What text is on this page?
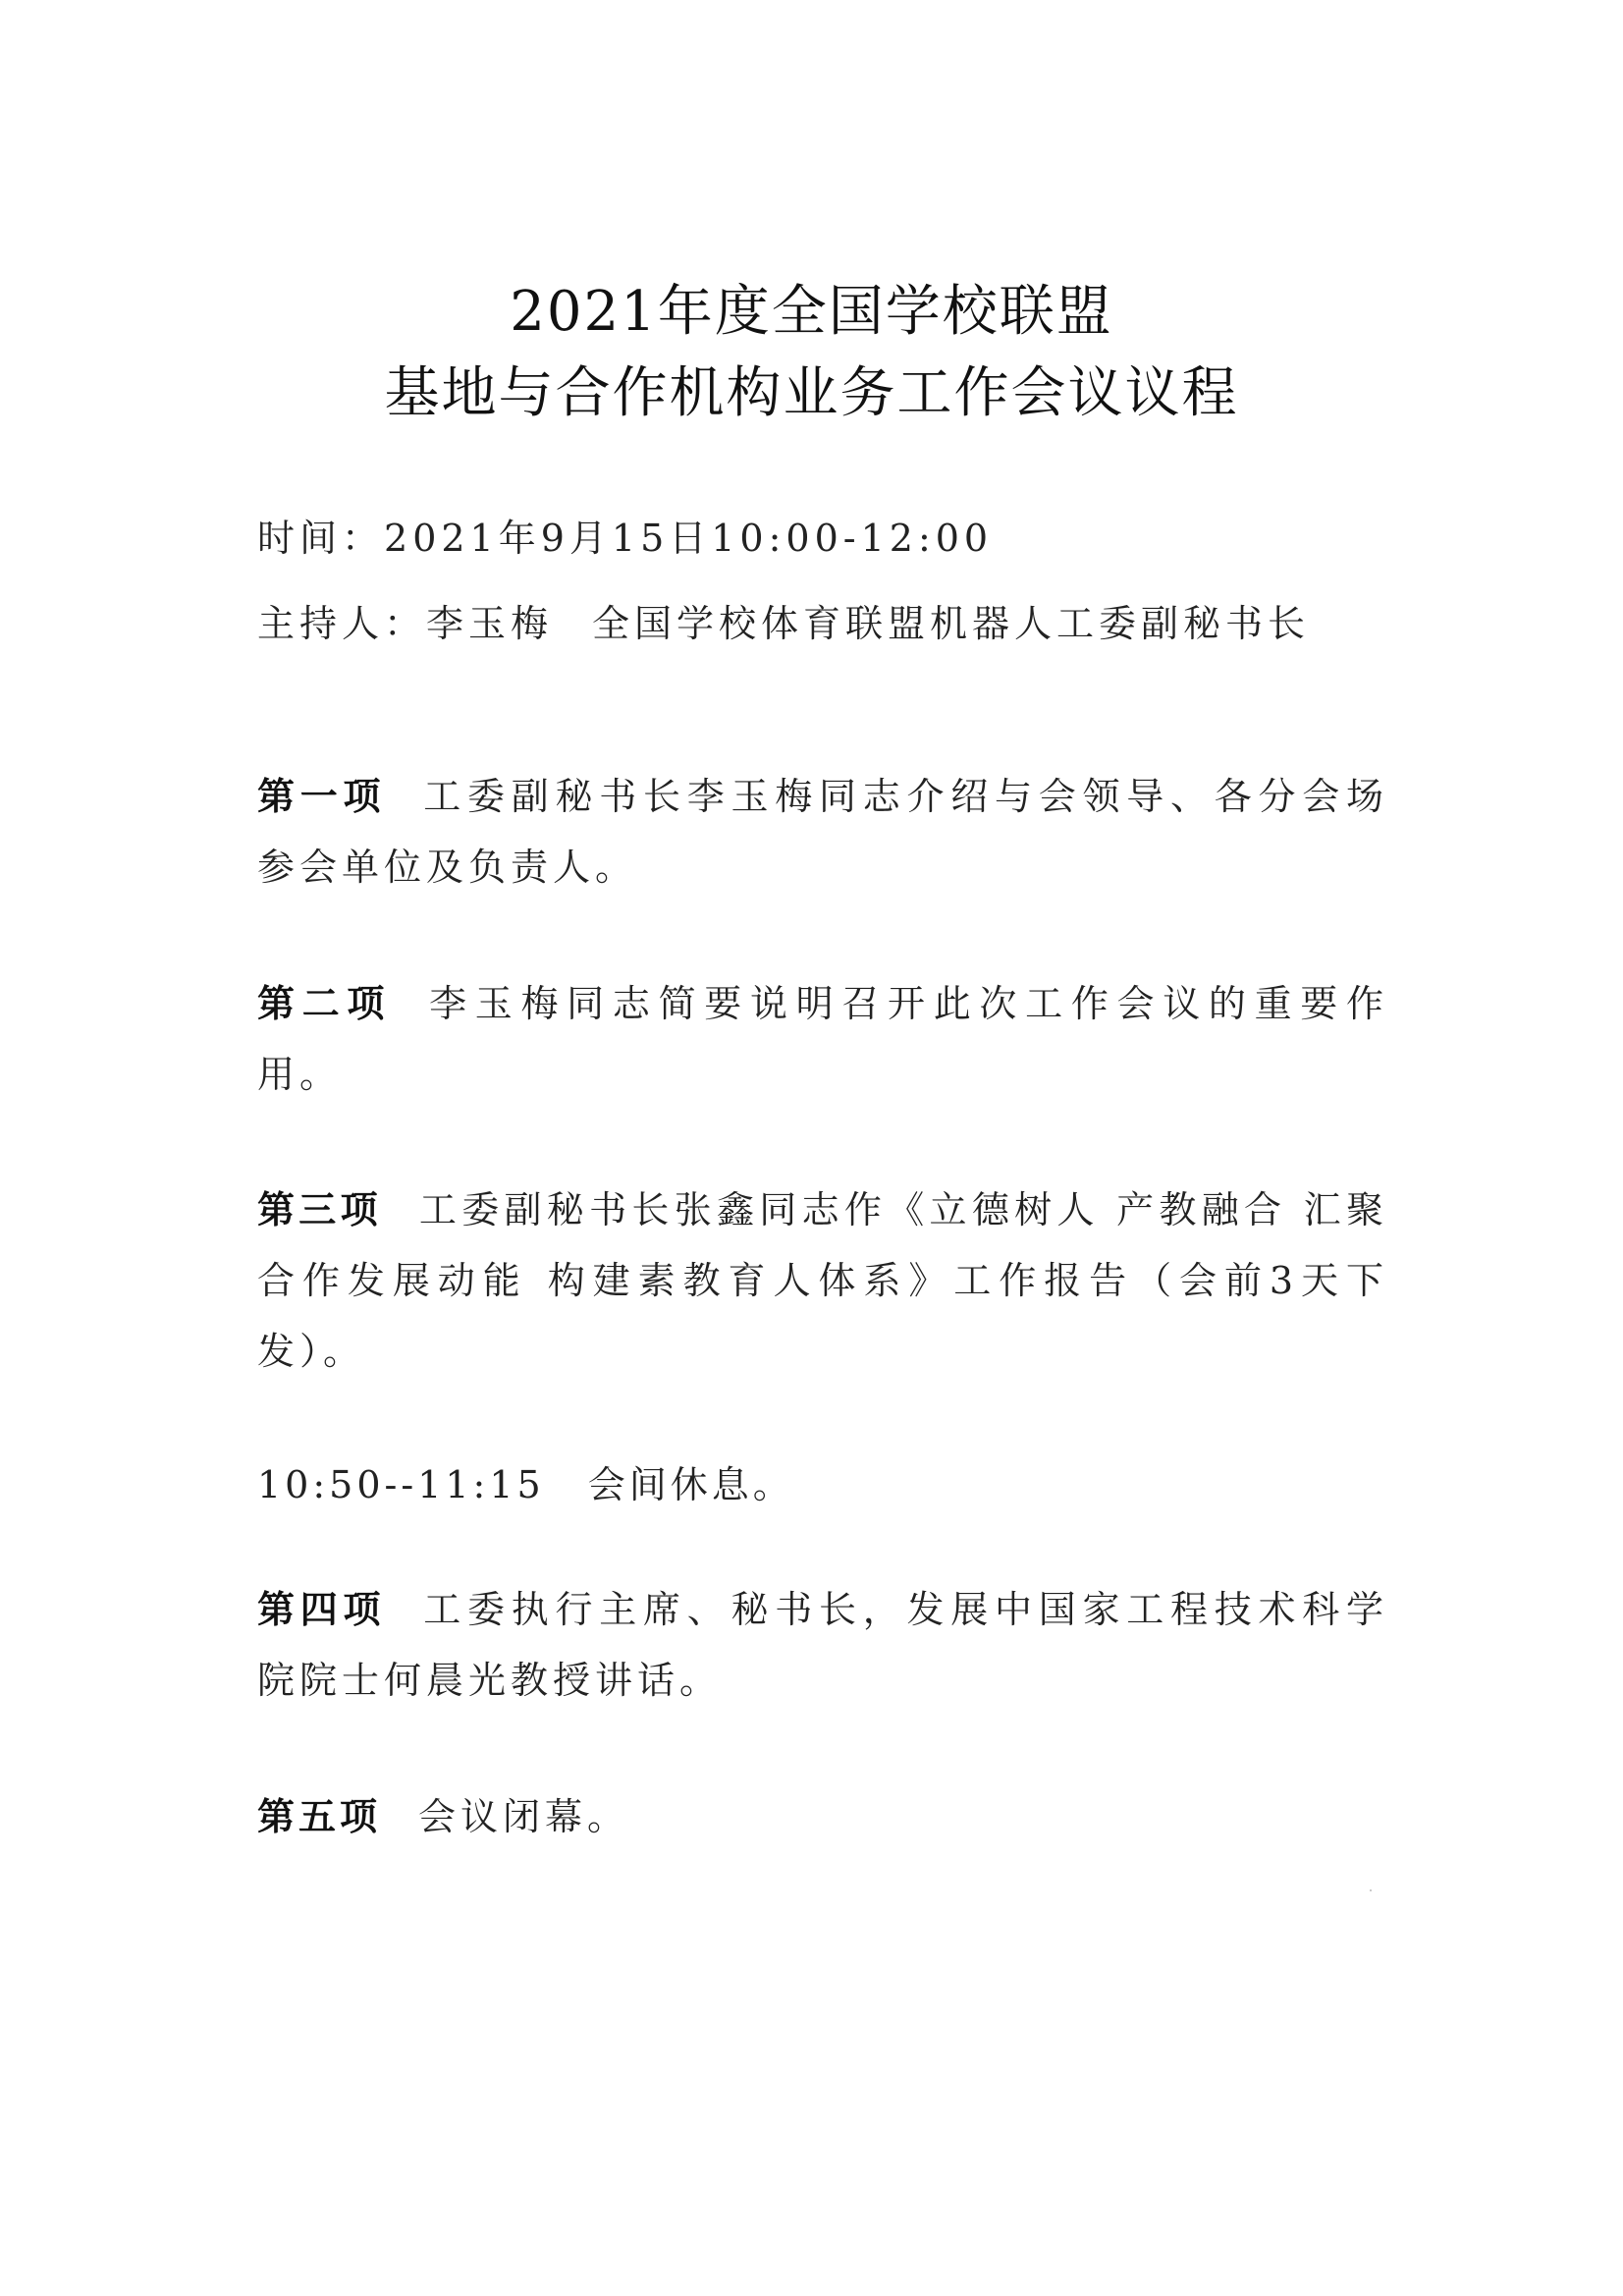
2021年度全国学校联盟
基地与合作机构业务工作会议议程
时间：2021年9月15日10:00-12:00
主持人：李玉梅 全国学校体育联盟机器人工委副秘书长
第一项 工委副秘书长李玉梅同志介绍与会领导、各分会场参会单位及负责人。
第二项 李玉梅同志简要说明召开此次工作会议的重要作用。
第三项 工委副秘书长张鑫同志作《立德树人 产教融合 汇聚合作发展动能 构建素教育人体系》工作报告（会前3天下发）。
10:50--11:15 会间休息。
第四项 工委执行主席、秘书长，发展中国家工程技术科学院院士何晨光教授讲话。
第五项 会议闭幕。
